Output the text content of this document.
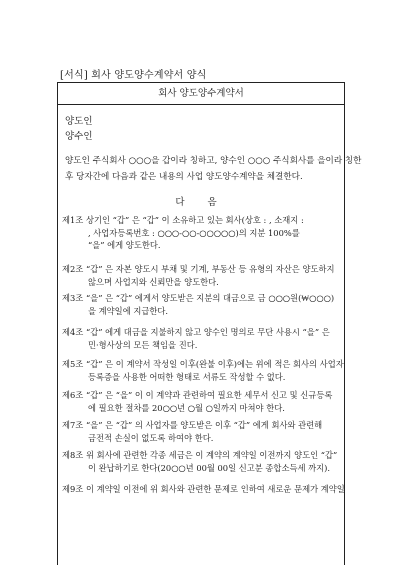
[서식] 회사 양도양수계약서 양식
회사 양도양수계약서
양도인
양수인
양도인 주식회사 ○○○을 갑이라 칭하고, 양수인 ○○○ 주식회사를 을이라 칭한
후 당자간에 다음과 같은 내용의 사업 양도양수계약을 체결한다.
다 음
제1조 상기인 “갑” 은 “갑” 이 소유하고 있는 회사(상호 : , 소재지 :
, 사업자등록번호 : ○○○-○○-○○○○○)의 지분 100%를
“을” 에게 양도한다.
제2조 “갑” 은 자본 양도시 부채 및 기계, 부동산 등 유형의 자산은 양도하지
않으며 사업지와 신뢰만을 양도한다.
제3조 “을” 은 “갑” 에게서 양도받은 지분의 대금으로 금 ○○○원(₩○○○)
을 계약일에 지급한다.
제4조 “갑” 에게 대금을 지불하지 않고 양수인 명의로 무단 사용시 “을” 은
민·형사상의 모든 책임을 진다.
제5조 “갑” 은 이 계약서 작성일 이후(완불 이후)에는 위에 적은 회사의 사업자
등록증을 사용한 어떠한 형태로 서류도 작성할 수 없다.
제6조 “갑” 은 “을” 이 이 계약과 관련하여 필요한 세무서 신고 및 신규등록
에 필요한 절차를 20○○년 ○월 ○일까지 마쳐야 한다.
제7조 “을” 은 “갑” 의 사업자를 양도받은 이후 “갑” 에게 회사와 관련해
금전적 손실이 없도록 하여야 한다.
제8조 위 회사에 관련한 각종 세금은 이 계약의 계약일 이전까지 양도인 “갑”
이 완납하기로 한다(20○○년 00월 00일 신고분 종합소득세 까지).
제9조 이 계약일 이전에 위 회사와 관련한 문제로 인하여 새로운 문제가 계약일
